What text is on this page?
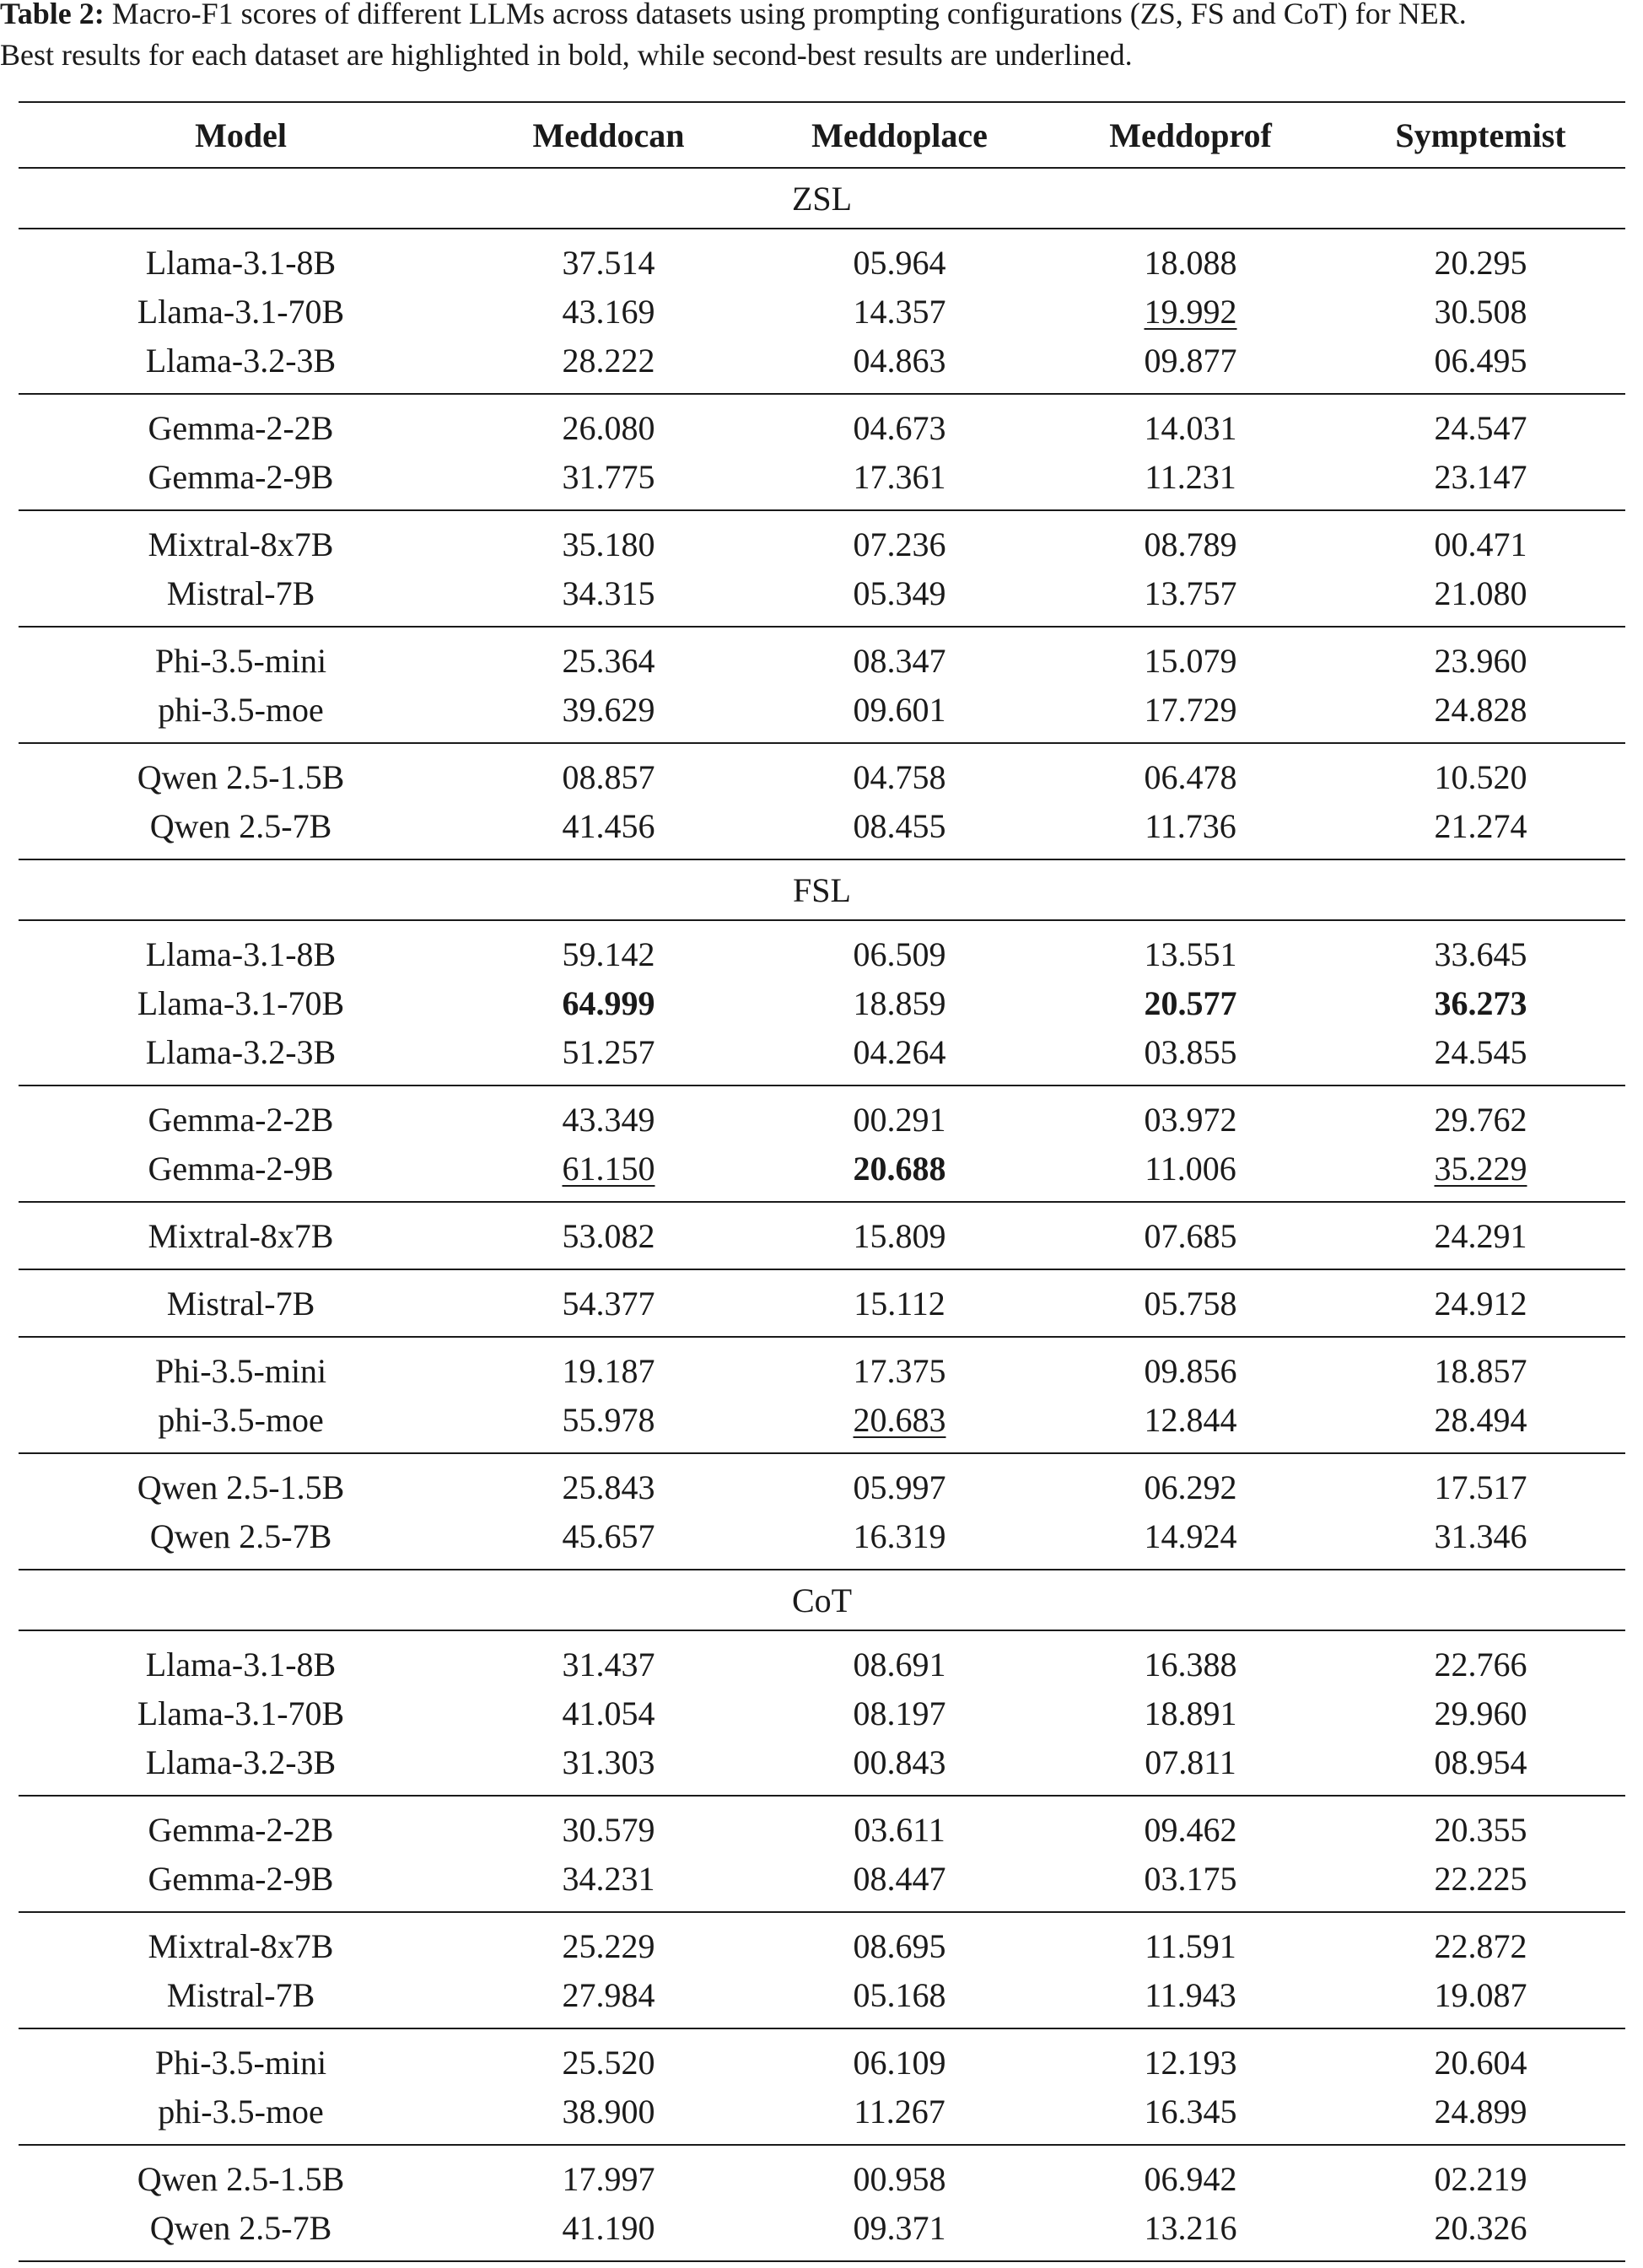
Table 2: Macro-F1 scores of different LLMs across datasets using prompting configurations (ZS, FS and CoT) for NER.
Best results for each dataset are highlighted in bold, while second-best results are underlined.
Model	Meddocan	Meddoplace	Meddoprof	Symptemist
ZSL				
Llama-3.1-8B	37.514	05.964	18.088	20.295
Llama-3.1-70B	43.169	14.357	19.992	30.508
Llama-3.2-3B	28.222	04.863	09.877	06.495
Gemma-2-2B	26.080	04.673	14.031	24.547
Gemma-2-9B	31.775	17.361	11.231	23.147
Mixtral-8x7B	35.180	07.236	08.789	00.471
Mistral-7B	34.315	05.349	13.757	21.080
Phi-3.5-mini	25.364	08.347	15.079	23.960
phi-3.5-moe	39.629	09.601	17.729	24.828
Qwen 2.5-1.5B	08.857	04.758	06.478	10.520
Qwen 2.5-7B	41.456	08.455	11.736	21.274
FSL				
Llama-3.1-8B	59.142	06.509	13.551	33.645
Llama-3.1-70B	64.999	18.859	20.577	36.273
Llama-3.2-3B	51.257	04.264	03.855	24.545
Gemma-2-2B	43.349	00.291	03.972	29.762
Gemma-2-9B	61.150	20.688	11.006	35.229
Mixtral-8x7B	53.082	15.809	07.685	24.291
Mistral-7B	54.377	15.112	05.758	24.912
Phi-3.5-mini	19.187	17.375	09.856	18.857
phi-3.5-moe	55.978	20.683	12.844	28.494
Qwen 2.5-1.5B	25.843	05.997	06.292	17.517
Qwen 2.5-7B	45.657	16.319	14.924	31.346
CoT				
Llama-3.1-8B	31.437	08.691	16.388	22.766
Llama-3.1-70B	41.054	08.197	18.891	29.960
Llama-3.2-3B	31.303	00.843	07.811	08.954
Gemma-2-2B	30.579	03.611	09.462	20.355
Gemma-2-9B	34.231	08.447	03.175	22.225
Mixtral-8x7B	25.229	08.695	11.591	22.872
Mistral-7B	27.984	05.168	11.943	19.087
Phi-3.5-mini	25.520	06.109	12.193	20.604
phi-3.5-moe	38.900	11.267	16.345	24.899
Qwen 2.5-1.5B	17.997	00.958	06.942	02.219
Qwen 2.5-7B	41.190	09.371	13.216	20.326
